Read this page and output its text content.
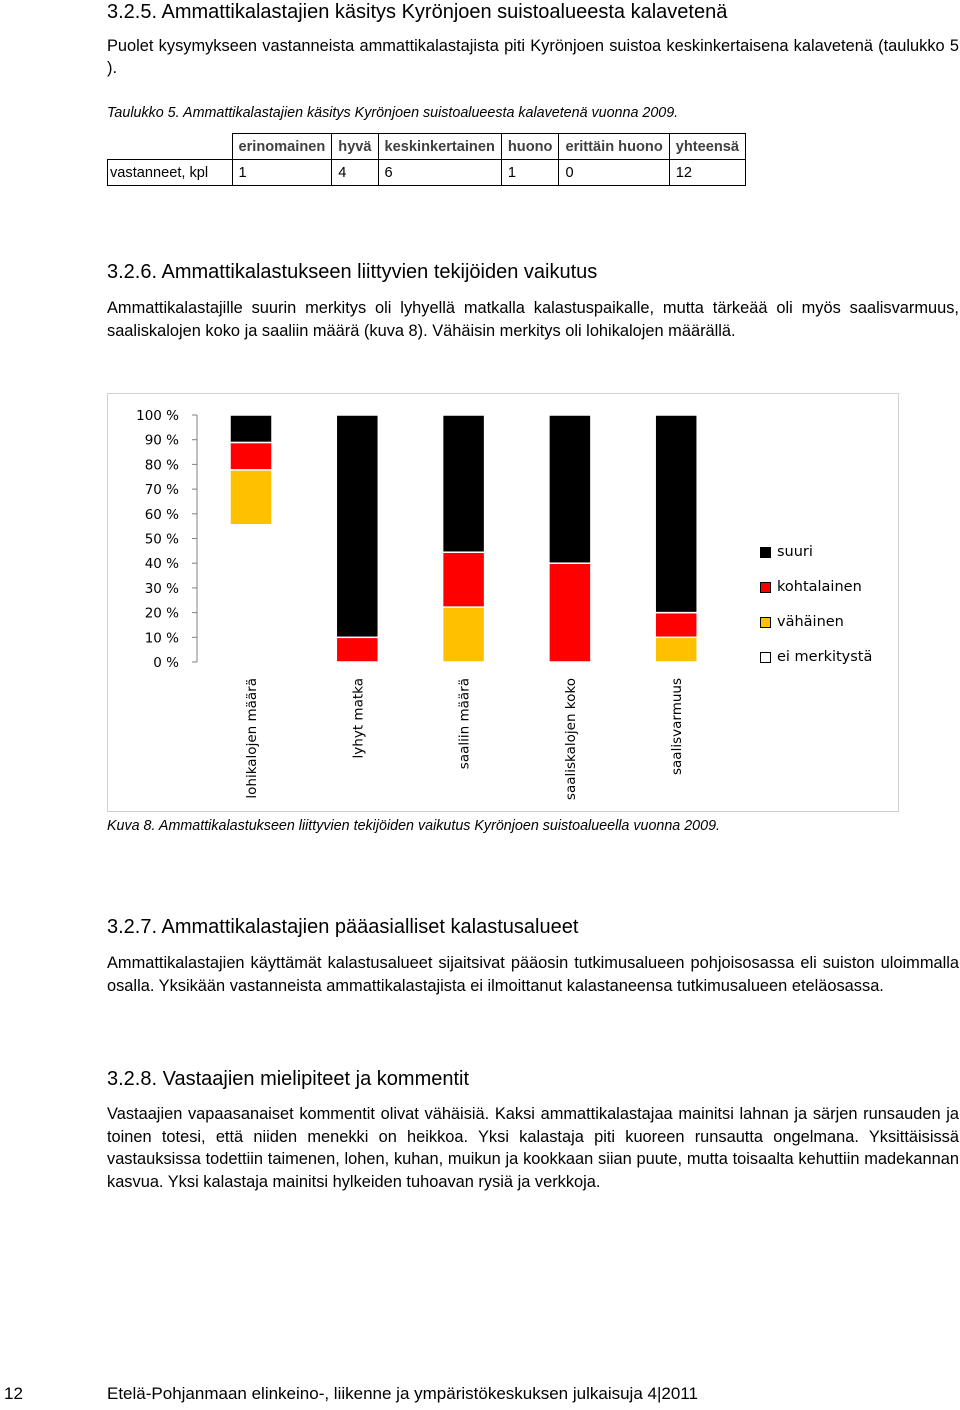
3.2.5. Ammattikalastajien käsitys Kyrönjoen suistoalueesta kalavetenä
Puolet kysymykseen vastanneista ammattikalastajista piti Kyrönjoen suistoa keskinkertaisena kalavetenä (taulukko 5 ).
Taulukko 5. Ammattikalastajien käsitys Kyrönjoen suistoalueesta kalavetenä vuonna 2009.
	erinomainen	hyvä	keskinkertainen	huono	erittäin huono	yhteensä
vastanneet, kpl	1	4	6	1	0	12
3.2.6. Ammattikalastukseen liittyvien tekijöiden vaikutus
Ammattikalastajille suurin merkitys oli lyhyellä matkalla kalastuspaikalle, mutta tärkeää oli myös saalisvarmuus, saaliskalojen koko ja saaliin määrä (kuva 8). Vähäisin merkitys oli lohikalojen määrällä.
0 %
10 %
20 %
30 %
40 %
50 %
60 %
70 %
80 %
90 %
100 %
lohikalojen määrä	lyhyt matka	saaliin määrä	saaliskalojen koko	saalisvarmuus
suuri
kohtalainen
vähäinen
ei merkitystä
Kuva 8. Ammattikalastukseen liittyvien tekijöiden vaikutus Kyrönjoen suistoalueella vuonna 2009.
3.2.7. Ammattikalastajien pääasialliset kalastusalueet
Ammattikalastajien käyttämät kalastusalueet sijaitsivat pääosin tutkimusalueen pohjoisosassa eli suiston uloimmalla osalla. Yksikään vastanneista ammattikalastajista ei ilmoittanut kalastaneensa tutkimusalueen eteläosassa.
3.2.8. Vastaajien mielipiteet ja kommentit
Vastaajien vapaasanaiset kommentit olivat vähäisiä. Kaksi ammattikalastajaa mainitsi lahnan ja särjen runsauden ja toinen totesi, että niiden menekki on heikkoa. Yksi kalastaja piti kuoreen runsautta ongelmana. Yksittäisissä vastauksissa todettiin taimenen, lohen, kuhan, muikun ja kookkaan siian puute, mutta toisaalta kehuttiin madekannan kasvua. Yksi kalastaja mainitsi hylkeiden tuhoavan rysiä ja verkkoja.
12	Etelä-Pohjanmaan elinkeino-, liikenne ja ympäristökeskuksen julkaisuja 4|2011
